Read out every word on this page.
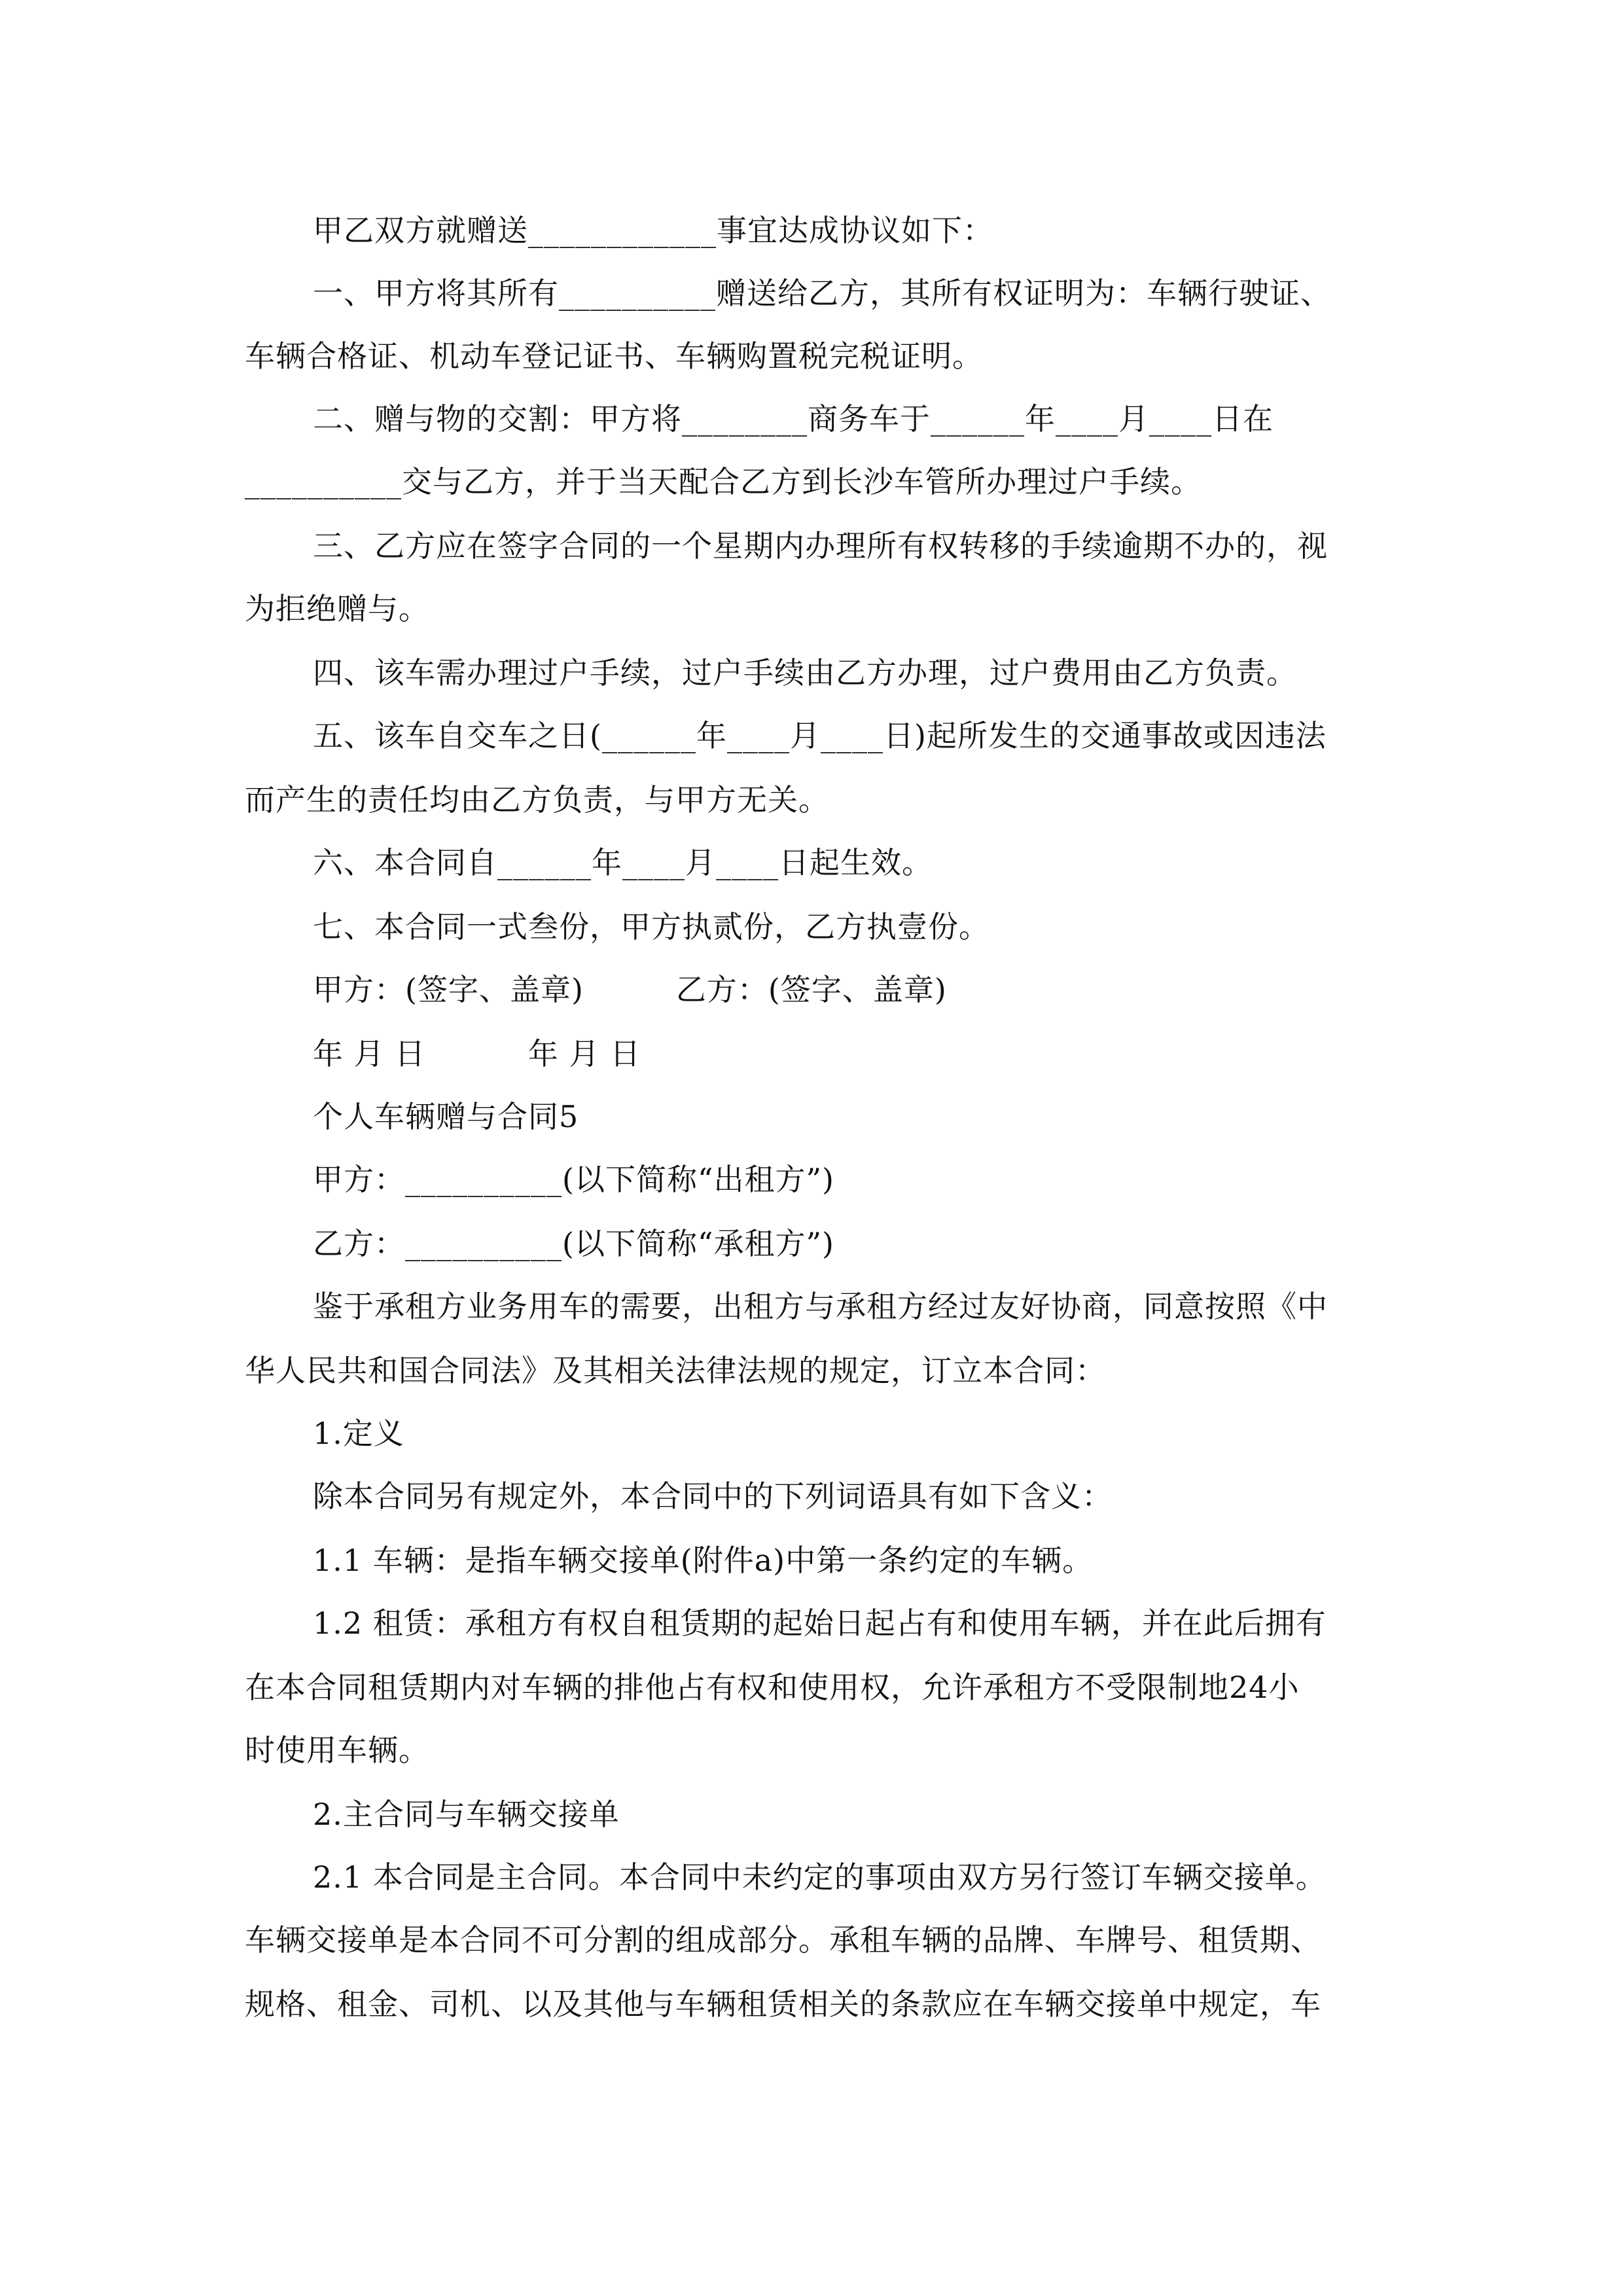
甲乙双方就赠送____________事宜达成协议如下：
一、甲方将其所有__________赠送给乙方，其所有权证明为：车辆行驶证、
车辆合格证、机动车登记证书、车辆购置税完税证明。
二、赠与物的交割：甲方将________商务车于______年____月____日在
__________交与乙方，并于当天配合乙方到长沙车管所办理过户手续。
三、乙方应在签字合同的一个星期内办理所有权转移的手续逾期不办的，视
为拒绝赠与。
四、该车需办理过户手续，过户手续由乙方办理，过户费用由乙方负责。
五、该车自交车之日(______年____月____日)起所发生的交通事故或因违法
而产生的责任均由乙方负责，与甲方无关。
六、本合同自______年____月____日起生效。
七、本合同一式叁份，甲方执贰份，乙方执壹份。
甲方：(签字、盖章)　　　乙方：(签字、盖章)
年 月 日　　　 年 月 日
个人车辆赠与合同5
甲方：__________(以下简称“出租方”)
乙方：__________(以下简称“承租方”)
鉴于承租方业务用车的需要，出租方与承租方经过友好协商，同意按照《中
华人民共和国合同法》及其相关法律法规的规定，订立本合同：
1.定义
除本合同另有规定外，本合同中的下列词语具有如下含义：
1.1 车辆：是指车辆交接单(附件a)中第一条约定的车辆。
1.2 租赁：承租方有权自租赁期的起始日起占有和使用车辆，并在此后拥有
在本合同租赁期内对车辆的排他占有权和使用权，允许承租方不受限制地24小
时使用车辆。
2.主合同与车辆交接单
2.1 本合同是主合同。本合同中未约定的事项由双方另行签订车辆交接单。
车辆交接单是本合同不可分割的组成部分。承租车辆的品牌、车牌号、租赁期、
规格、租金、司机、以及其他与车辆租赁相关的条款应在车辆交接单中规定，车
